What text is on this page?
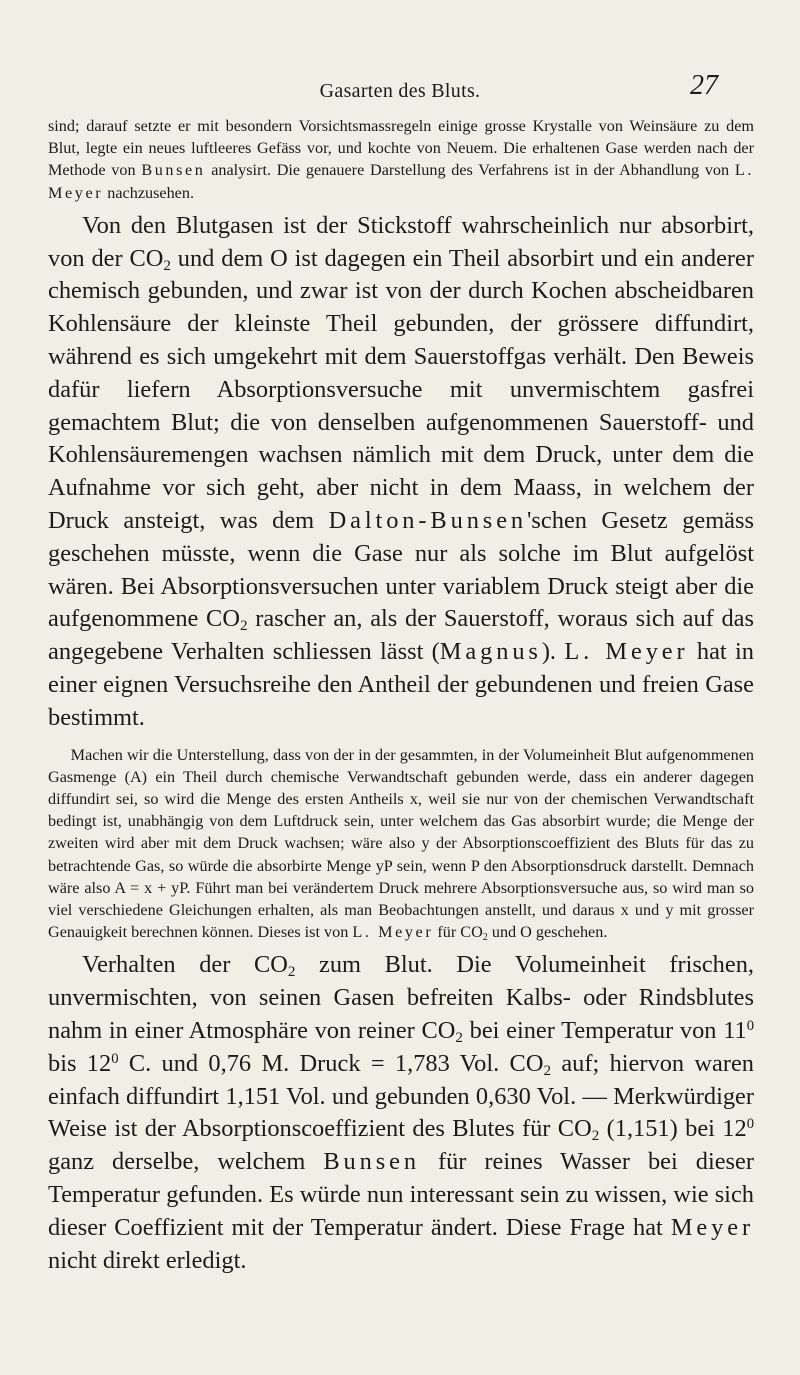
Gasarten des Bluts.	27

sind; darauf setzte er mit besondern Vorsichtsmassregeln einige grosse Krystalle von Weinsäure zu dem Blut, legte ein neues luftleeres Gefäss vor, und kochte von Neuem. Die erhaltenen Gase werden nach der Methode von Bunsen analysirt. Die genauere Darstellung des Verfahrens ist in der Abhandlung von L. Meyer nachzusehen.

Von den Blutgasen ist der Stickstoff wahrscheinlich nur absorbirt, von der $CO_2$ und dem O ist dagegen ein Theil absorbirt und ein anderer chemisch gebunden, und zwar ist von der durch Kochen abscheidbaren Kohlensäure der kleinste Theil gebunden, der grössere diffundirt, während es sich umgekehrt mit dem Sauerstoffgas verhält. Den Beweis dafür liefern Absorptionsversuche mit unvermischtem gasfrei gemachtem Blut; die von denselben aufgenommenen Sauerstoff- und Kohlensäuremengen wachsen nämlich mit dem Druck, unter dem die Aufnahme vor sich geht, aber nicht in dem Maass, in welchem der Druck ansteigt, was dem Dalton-Bunsen'schen Gesetz gemäss geschehen müsste, wenn die Gase nur als solche im Blut aufgelöst wären. Bei Absorptionsversuchen unter variablem Druck steigt aber die aufgenommene $CO_2$ rascher an, als der Sauerstoff, woraus sich auf das angegebene Verhalten schliessen lässt (Magnus). L. Meyer hat in einer eignen Versuchsreihe den Antheil der gebundenen und freien Gase bestimmt.

Machen wir die Unterstellung, dass von der in der gesammten, in der Volumeinheit Blut aufgenommenen Gasmenge (A) ein Theil durch chemische Verwandtschaft gebunden werde, dass ein anderer dagegen diffundirt sei, so wird die Menge des ersten Antheils x, weil sie nur von der chemischen Verwandtschaft bedingt ist, unabhängig von dem Luftdruck sein, unter welchem das Gas absorbirt wurde; die Menge der zweiten wird aber mit dem Druck wachsen; wäre also y der Absorptionscoeffizient des Bluts für das zu betrachtende Gas, so würde die absorbirte Menge yP sein, wenn P den Absorptionsdruck darstellt. Demnach wäre also A = x + yP. Führt man bei verändertem Druck mehrere Absorptionsversuche aus, so wird man so viel verschiedene Gleichungen erhalten, als man Beobachtungen anstellt, und daraus x und y mit grosser Genauigkeit berechnen können. Dieses ist von L. Meyer für $CO_2$ und O geschehen.

Verhalten der $CO_2$ zum Blut. Die Volumeinheit frischen, unvermischten, von seinen Gasen befreiten Kalbs- oder Rindsblutes nahm in einer Atmosphäre von reiner $CO_2$ bei einer Temperatur von $11^0$ bis $12^0$ C. und 0,76 M. Druck = 1,783 Vol. $CO_2$ auf; hiervon waren einfach diffundirt 1,151 Vol. und gebunden 0,630 Vol. — Merkwürdiger Weise ist der Absorptionscoeffizient des Blutes für $CO_2$ (1,151) bei $12^0$ ganz derselbe, welchem Bunsen für reines Wasser bei dieser Temperatur gefunden. Es würde nun interessant sein zu wissen, wie sich dieser Coeffizient mit der Temperatur ändert. Diese Frage hat Meyer nicht direkt erledigt.
